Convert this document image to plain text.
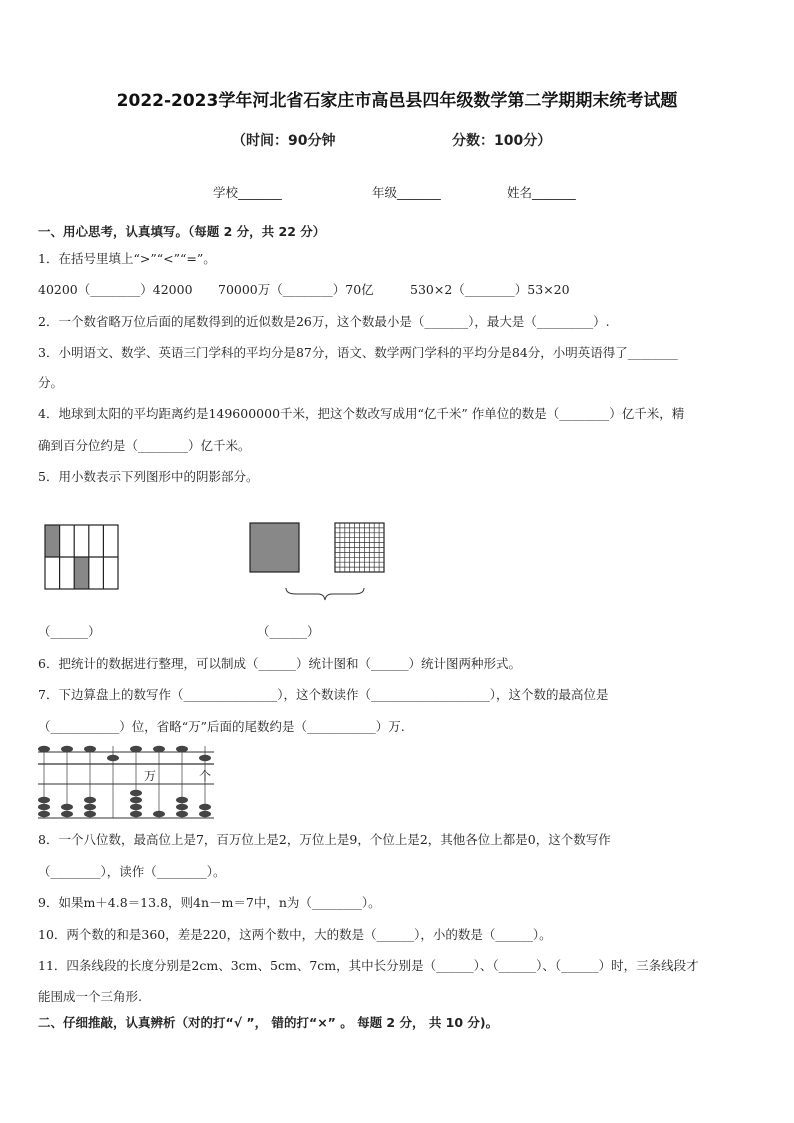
2022-2023学年河北省石家庄市高邑县四年级数学第二学期期末统考试题
（时间：90分钟	分数：100分）
学校_______	年级_______	姓名_______
一、用心思考，认真填写。（每题 2 分，共 22 分）
1．在括号里填上“>”“<”“=”。
40200（________）42000 70000万（________）70亿	530×2（________）53×20
2．一个数省略万位后面的尾数得到的近似数是26万，这个数最小是（_______），最大是（_________）.
3．小明语文、数学、英语三门学科的平均分是87分，语文、数学两门学科的平均分是84分，小明英语得了________
分。
4．地球到太阳的平均距离约是149600000千米，把这个数改写成用“亿千米” 作单位的数是（________）亿千米，精
确到百分位约是（________）亿千米。
5．用小数表示下列图形中的阴影部分。
（______）	（______）
6．把统计的数据进行整理，可以制成（______）统计图和（______）统计图两种形式。
7．下边算盘上的数写作（_______________），这个数读作（___________________），这个数的最高位是
（___________）位，省略“万”后面的尾数约是（___________）万.
万	个
8．一个八位数，最高位上是7，百万位上是2，万位上是9，个位上是2，其他各位上都是0，这个数写作
（________），读作（________）。
9．如果m＋4.8＝13.8，则4n－m＝7中，n为（________）。
10．两个数的和是360，差是220，这两个数中，大的数是（______），小的数是（______）。
11．四条线段的长度分别是2cm、3cm、5cm、7cm，其中长分别是（______）、（______）、（______）时，三条线段才
能围成一个三角形.
二、仔细推敲，认真辨析（对的打“√ ”， 错的打“×” 。 每题 2 分， 共 10 分)。
